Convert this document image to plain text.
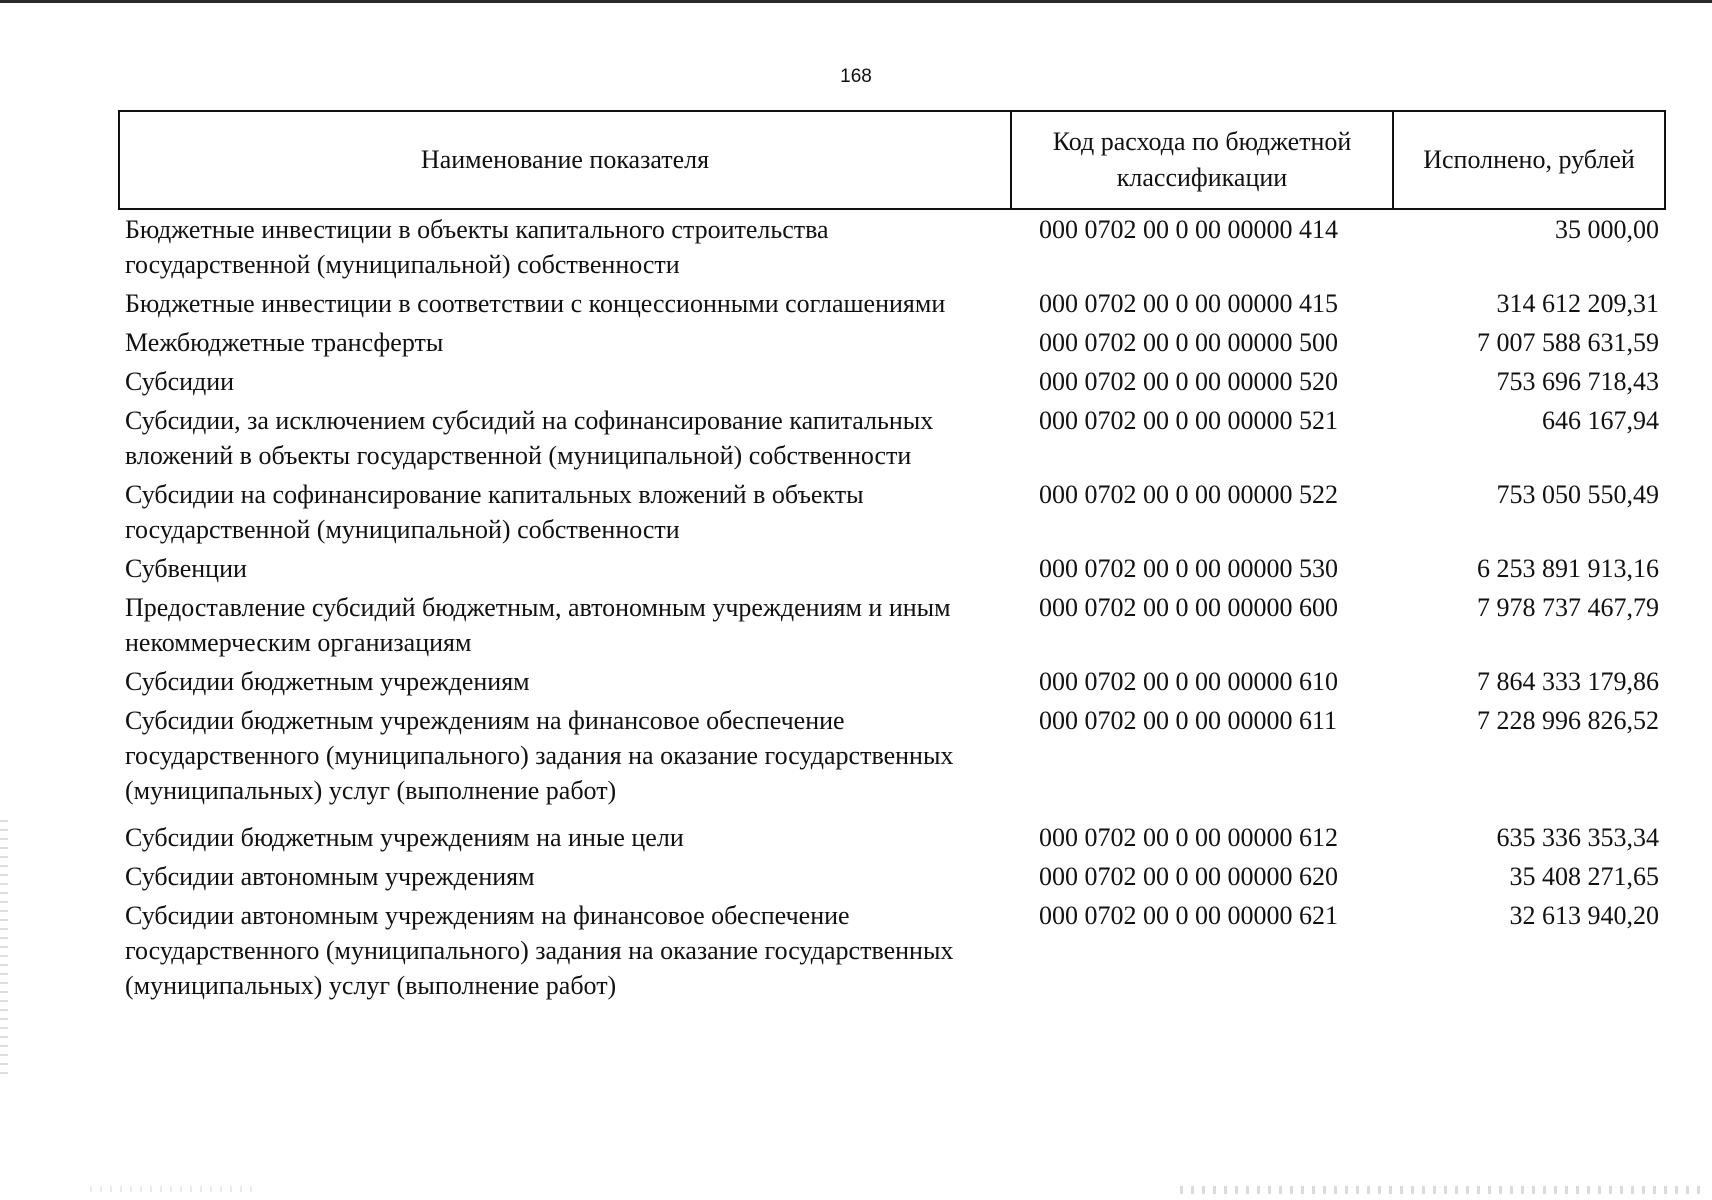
168
Наименование показателя	Код расхода по бюджетной классификации	Исполнено, рублей
Бюджетные инвестиции в объекты капитального строительства государственной (муниципальной) собственности	000 0702 00 0 00 00000 414	35 000,00
Бюджетные инвестиции в соответствии с концессионными соглашениями	000 0702 00 0 00 00000 415	314 612 209,31
Межбюджетные трансферты	000 0702 00 0 00 00000 500	7 007 588 631,59
Субсидии	000 0702 00 0 00 00000 520	753 696 718,43
Субсидии, за исключением субсидий на софинансирование капитальных вложений в объекты государственной (муниципальной) собственности	000 0702 00 0 00 00000 521	646 167,94
Субсидии на софинансирование капитальных вложений в объекты государственной (муниципальной) собственности	000 0702 00 0 00 00000 522	753 050 550,49
Субвенции	000 0702 00 0 00 00000 530	6 253 891 913,16
Предоставление субсидий бюджетным, автономным учреждениям и иным некоммерческим организациям	000 0702 00 0 00 00000 600	7 978 737 467,79
Субсидии бюджетным учреждениям	000 0702 00 0 00 00000 610	7 864 333 179,86
Субсидии бюджетным учреждениям на финансовое обеспечение государственного (муниципального) задания на оказание государственных (муниципальных) услуг (выполнение работ)	000 0702 00 0 00 00000 611	7 228 996 826,52
Субсидии бюджетным учреждениям на иные цели	000 0702 00 0 00 00000 612	635 336 353,34
Субсидии автономным учреждениям	000 0702 00 0 00 00000 620	35 408 271,65
Субсидии автономным учреждениям на финансовое обеспечение государственного (муниципального) задания на оказание государственных (муниципальных) услуг (выполнение работ)	000 0702 00 0 00 00000 621	32 613 940,20
